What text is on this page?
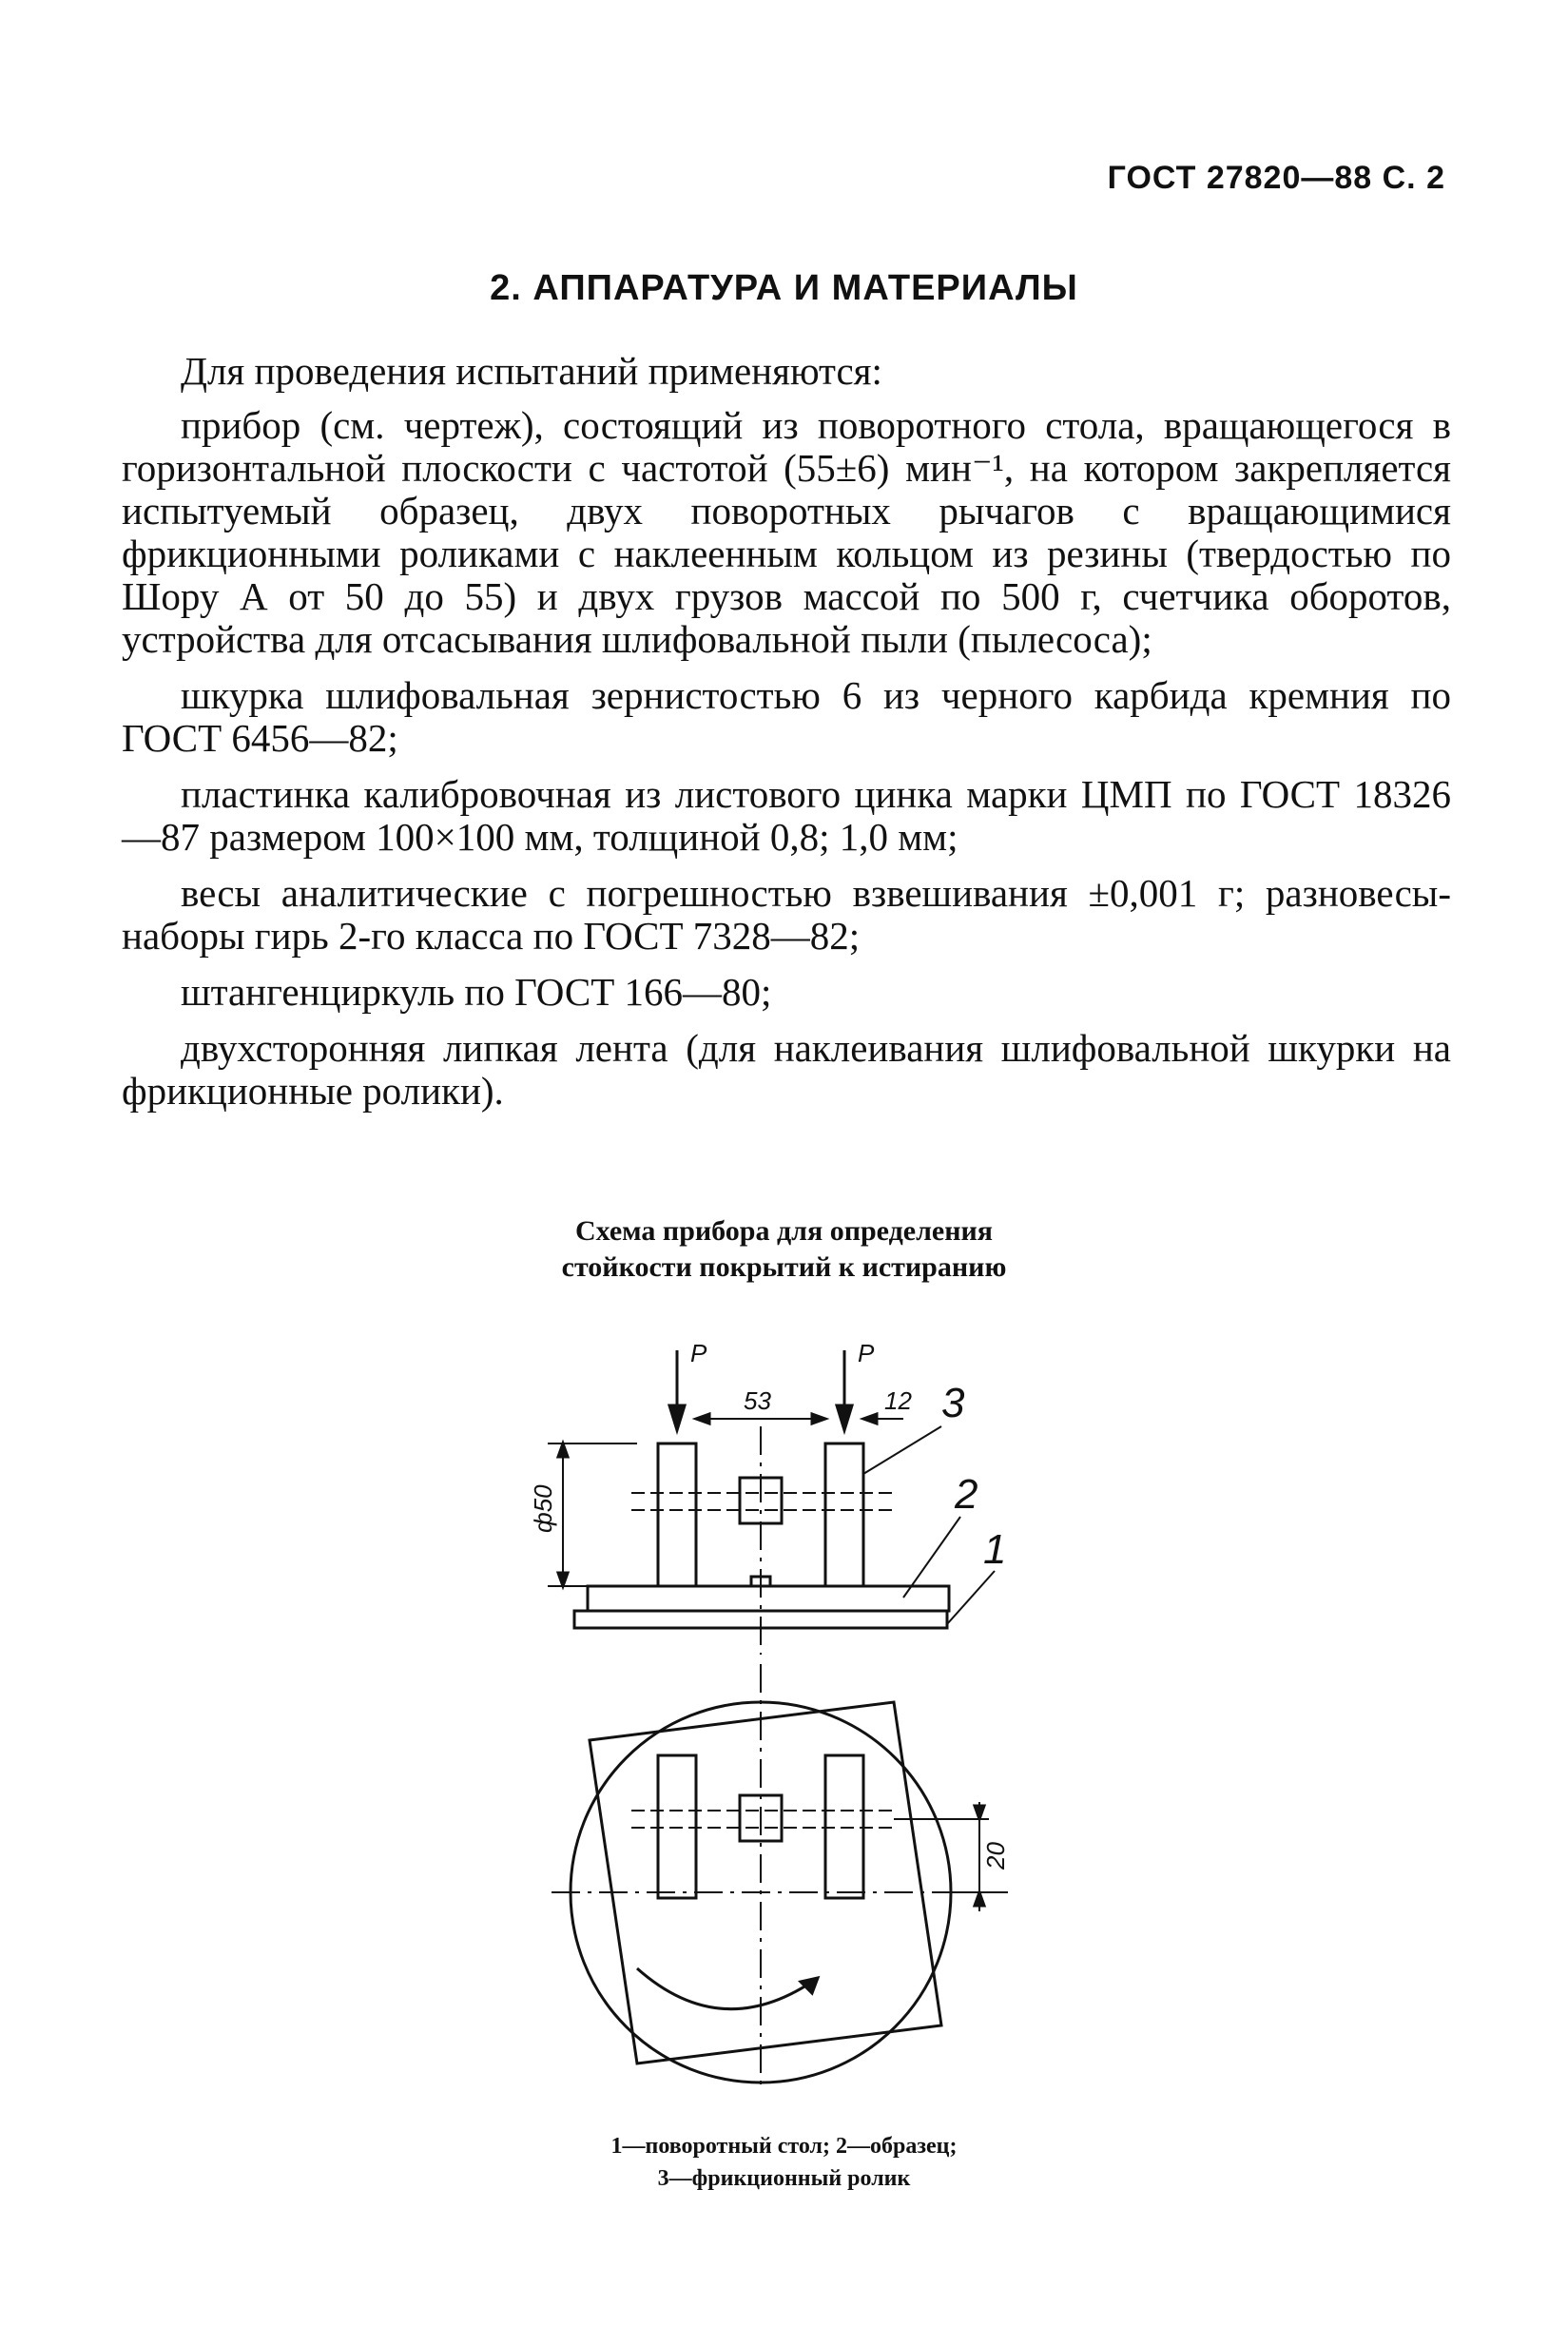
ГОСТ 27820—88 С. 2
2. АППАРАТУРА И МАТЕРИАЛЫ

Для проведения испытаний применяются:

прибор (см. чертеж), состоящий из поворотного стола, вращающегося в горизонтальной плоскости с частотой (55±6) мин⁻¹, на котором закрепляется испытуемый образец, двух поворотных рычагов с вращающимися фрикционными роликами с наклеенным кольцом из резины (твердостью по Шору А от 50 до 55) и двух грузов массой по 500 г, счетчика оборотов, устройства для отсасывания шлифовальной пыли (пылесоса);

шкурка шлифовальная зернистостью 6 из черного карбида кремния по ГОСТ 6456—82;

пластинка калибровочная из листового цинка марки ЦМП по ГОСТ 18326—87 размером 100×100 мм, толщиной 0,8; 1,0 мм;

весы аналитические с погрешностью взвешивания ±0,001 г; разновесы-наборы гирь 2-го класса по ГОСТ 7328—82;

штангенциркуль по ГОСТ 166—80;

двухсторонняя липкая лента (для наклеивания шлифовальной шкурки на фрикционные ролики).

Схема прибора для определения
стойкости покрытий к истиранию
P	P
53	12
ф50
20
3
2
1
1—поворотный стол; 2—образец;
3—фрикционный ролик
